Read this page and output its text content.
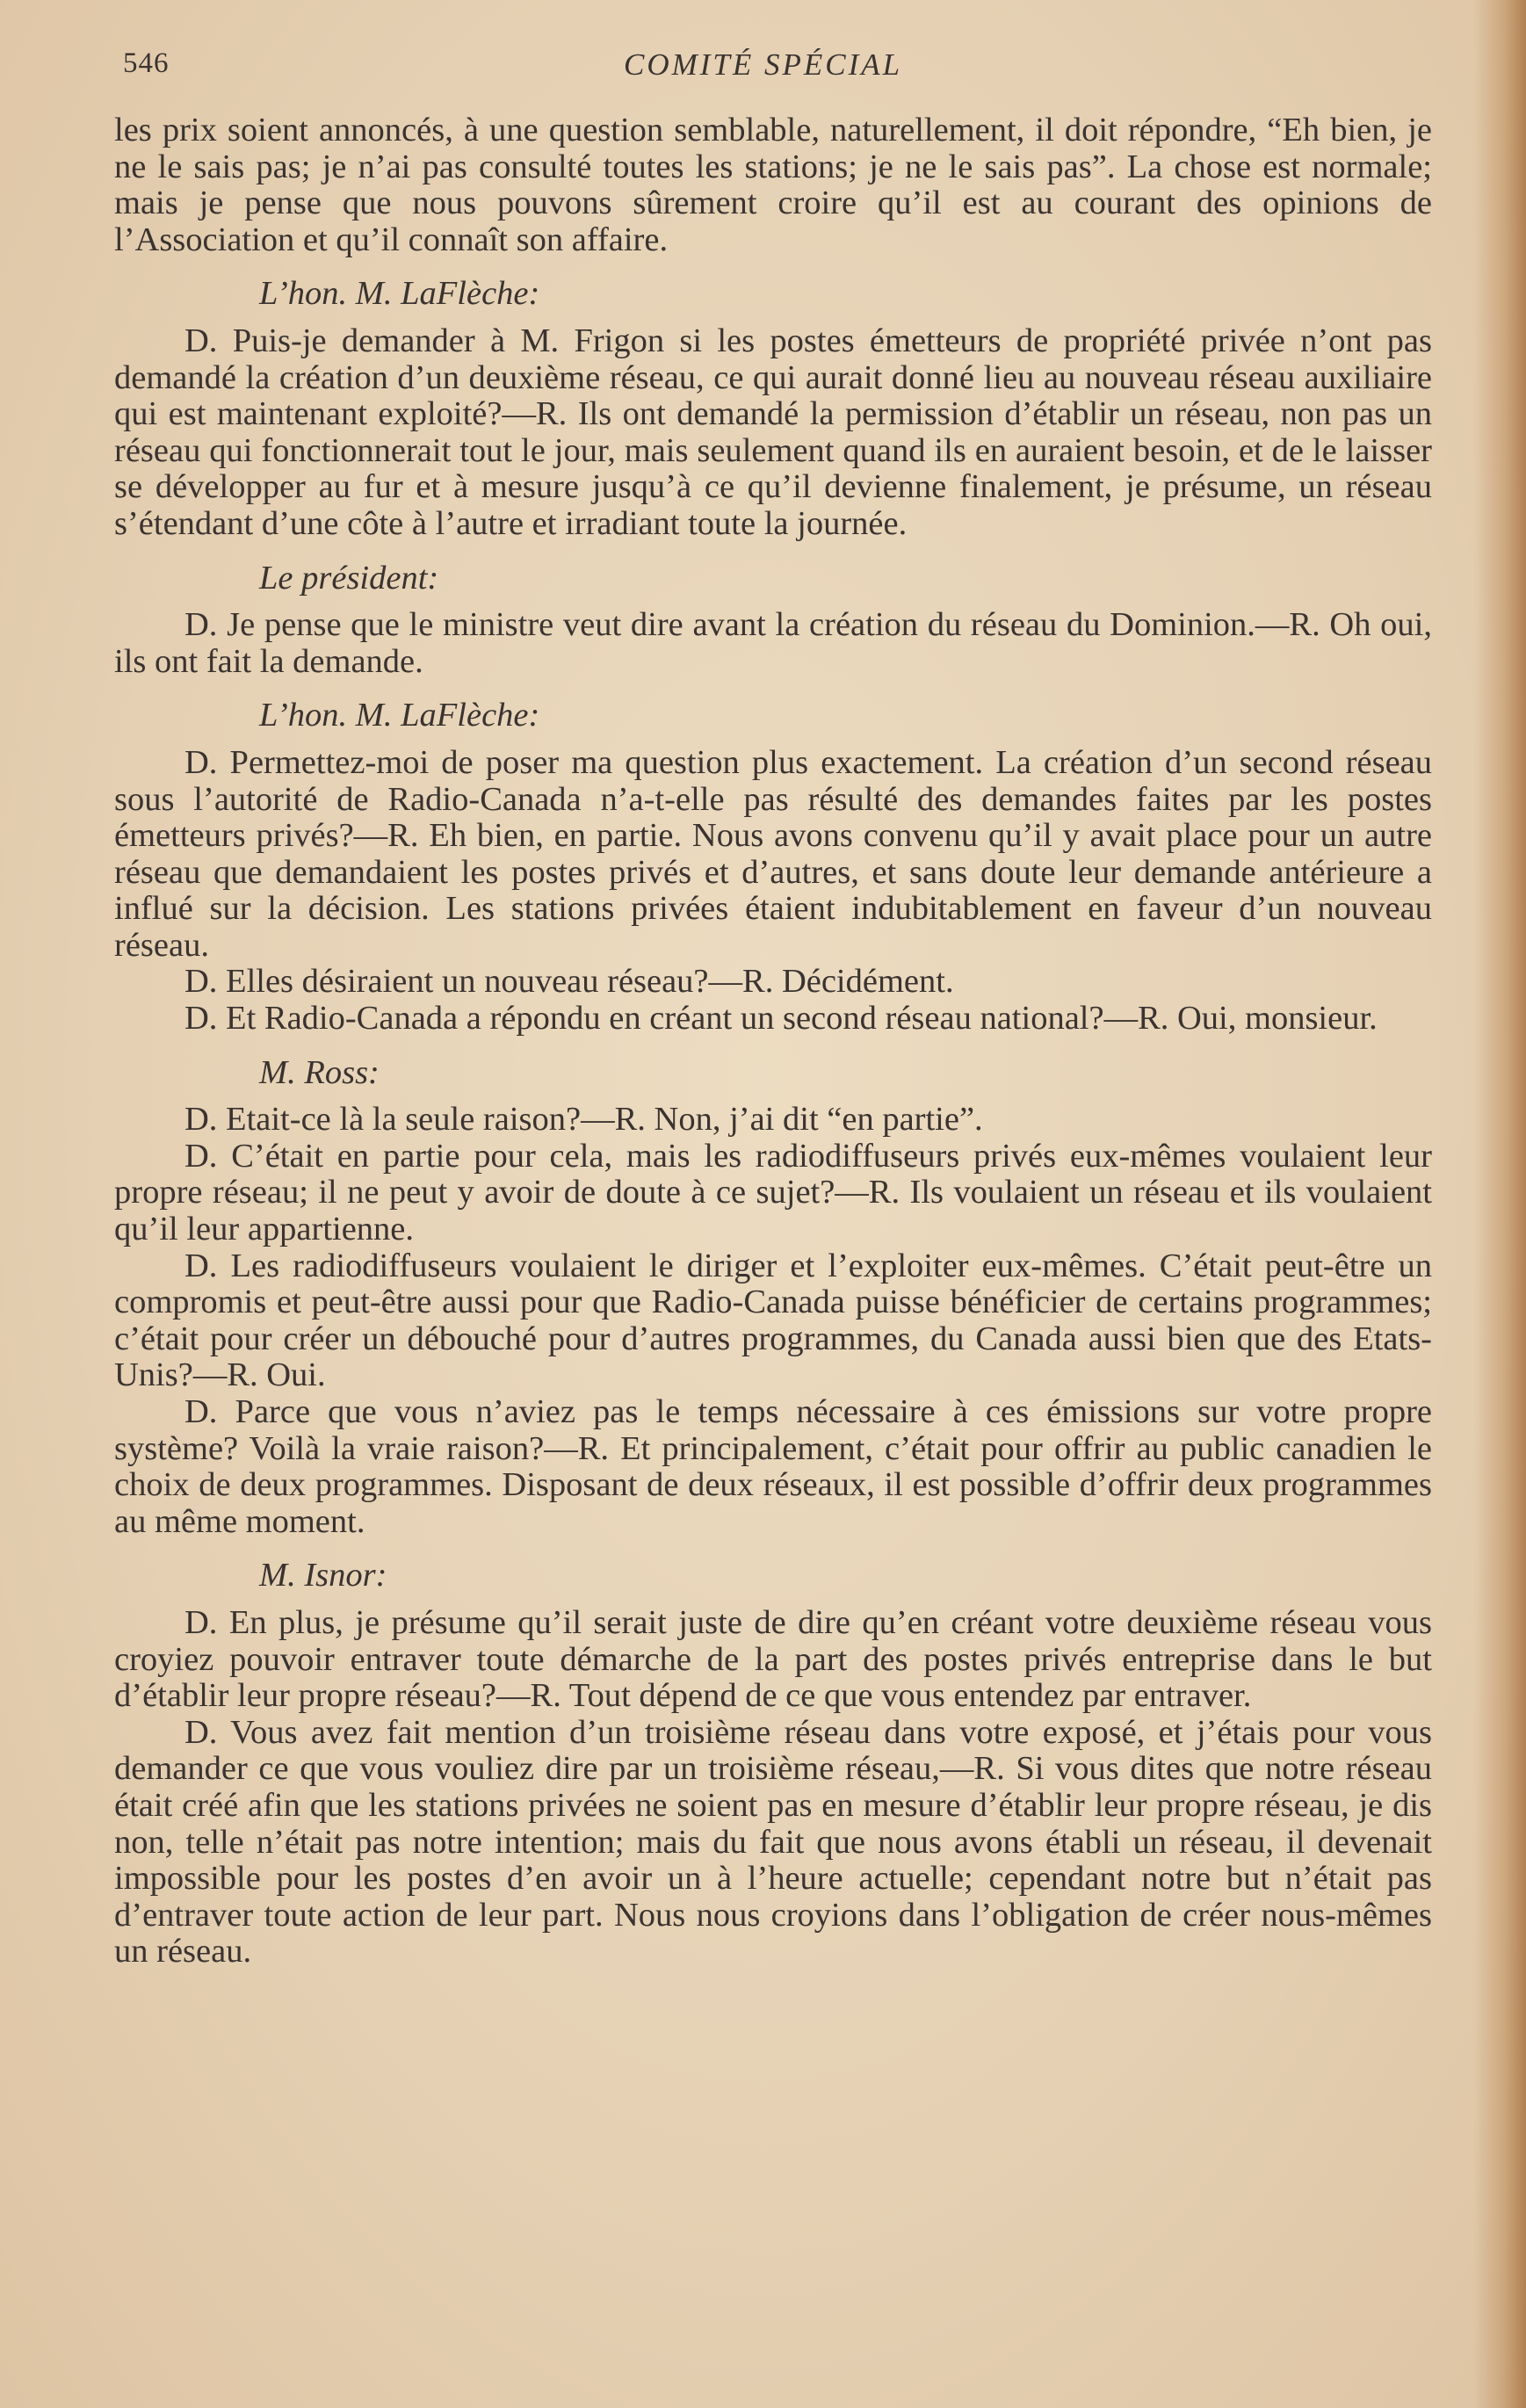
546	COMITÉ SPÉCIAL

les prix soient annoncés, à une question semblable, naturellement, il doit répondre, “Eh bien, je ne le sais pas; je n’ai pas consulté toutes les stations; je ne le sais pas”. La chose est normale; mais je pense que nous pouvons sûrement croire qu’il est au courant des opinions de l’Association et qu’il connaît son affaire.

L’hon. M. LaFlèche:

D. Puis-je demander à M. Frigon si les postes émetteurs de propriété privée n’ont pas demandé la création d’un deuxième réseau, ce qui aurait donné lieu au nouveau réseau auxiliaire qui est maintenant exploité?—R. Ils ont demandé la permission d’établir un réseau, non pas un réseau qui fonctionnerait tout le jour, mais seulement quand ils en auraient besoin, et de le laisser se développer au fur et à mesure jusqu’à ce qu’il devienne finalement, je présume, un réseau s’étendant d’une côte à l’autre et irradiant toute la journée.

Le président:

D. Je pense que le ministre veut dire avant la création du réseau du Dominion.—R. Oh oui, ils ont fait la demande.

L’hon. M. LaFlèche:

D. Permettez-moi de poser ma question plus exactement. La création d’un second réseau sous l’autorité de Radio-Canada n’a-t-elle pas résulté des demandes faites par les postes émetteurs privés?—R. Eh bien, en partie. Nous avons convenu qu’il y avait place pour un autre réseau que demandaient les postes privés et d’autres, et sans doute leur demande antérieure a influé sur la décision. Les stations privées étaient indubitablement en faveur d’un nouveau réseau.

D. Elles désiraient un nouveau réseau?—R. Décidément.

D. Et Radio-Canada a répondu en créant un second réseau national?—R. Oui, monsieur.

M. Ross:

D. Etait-ce là la seule raison?—R. Non, j’ai dit “en partie”.

D. C’était en partie pour cela, mais les radiodiffuseurs privés eux-mêmes voulaient leur propre réseau; il ne peut y avoir de doute à ce sujet?—R. Ils voulaient un réseau et ils voulaient qu’il leur appartienne.

D. Les radiodiffuseurs voulaient le diriger et l’exploiter eux-mêmes. C’était peut-être un compromis et peut-être aussi pour que Radio-Canada puisse bénéficier de certains programmes; c’était pour créer un débouché pour d’autres programmes, du Canada aussi bien que des Etats-Unis?—R. Oui.

D. Parce que vous n’aviez pas le temps nécessaire à ces émissions sur votre propre système? Voilà la vraie raison?—R. Et principalement, c’était pour offrir au public canadien le choix de deux programmes. Disposant de deux réseaux, il est possible d’offrir deux programmes au même moment.

M. Isnor:

D. En plus, je présume qu’il serait juste de dire qu’en créant votre deuxième réseau vous croyiez pouvoir entraver toute démarche de la part des postes privés entreprise dans le but d’établir leur propre réseau?—R. Tout dépend de ce que vous entendez par entraver.

D. Vous avez fait mention d’un troisième réseau dans votre exposé, et j’étais pour vous demander ce que vous vouliez dire par un troisième réseau,—R. Si vous dites que notre réseau était créé afin que les stations privées ne soient pas en mesure d’établir leur propre réseau, je dis non, telle n’était pas notre intention; mais du fait que nous avons établi un réseau, il devenait impossible pour les postes d’en avoir un à l’heure actuelle; cependant notre but n’était pas d’entraver toute action de leur part. Nous nous croyions dans l’obligation de créer nous-mêmes un réseau.
